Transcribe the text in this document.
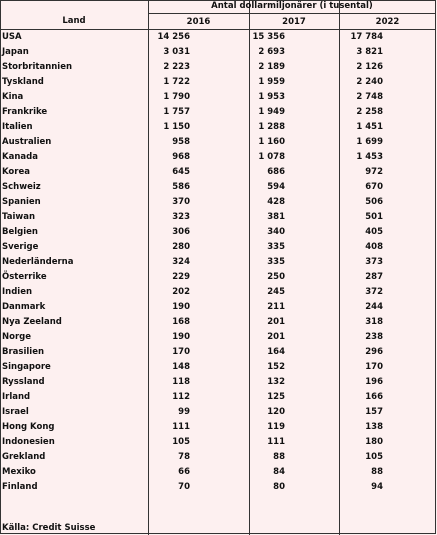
Land
Antal dollarmiljonärer (i tusental)
2016	2017	2022
USA	14 256	15 356	17 784
Japan	3 031	2 693	3 821
Storbritannien	2 223	2 189	2 126
Tyskland	1 722	1 959	2 240
Kina	1 790	1 953	2 748
Frankrike	1 757	1 949	2 258
Italien	1 150	1 288	1 451
Australien	958	1 160	1 699
Kanada	968	1 078	1 453
Korea	645	686	972
Schweiz	586	594	670
Spanien	370	428	506
Taiwan	323	381	501
Belgien	306	340	405
Sverige	280	335	408
Nederländerna	324	335	373
Österrike	229	250	287
Indien	202	245	372
Danmark	190	211	244
Nya Zeeland	168	201	318
Norge	190	201	238
Brasilien	170	164	296
Singapore	148	152	170
Ryssland	118	132	196
Irland	112	125	166
Israel	99	120	157
Hong Kong	111	119	138
Indonesien	105	111	180
Grekland	78	88	105
Mexiko	66	84	88
Finland	70	80	94
Källa: Credit Suisse
